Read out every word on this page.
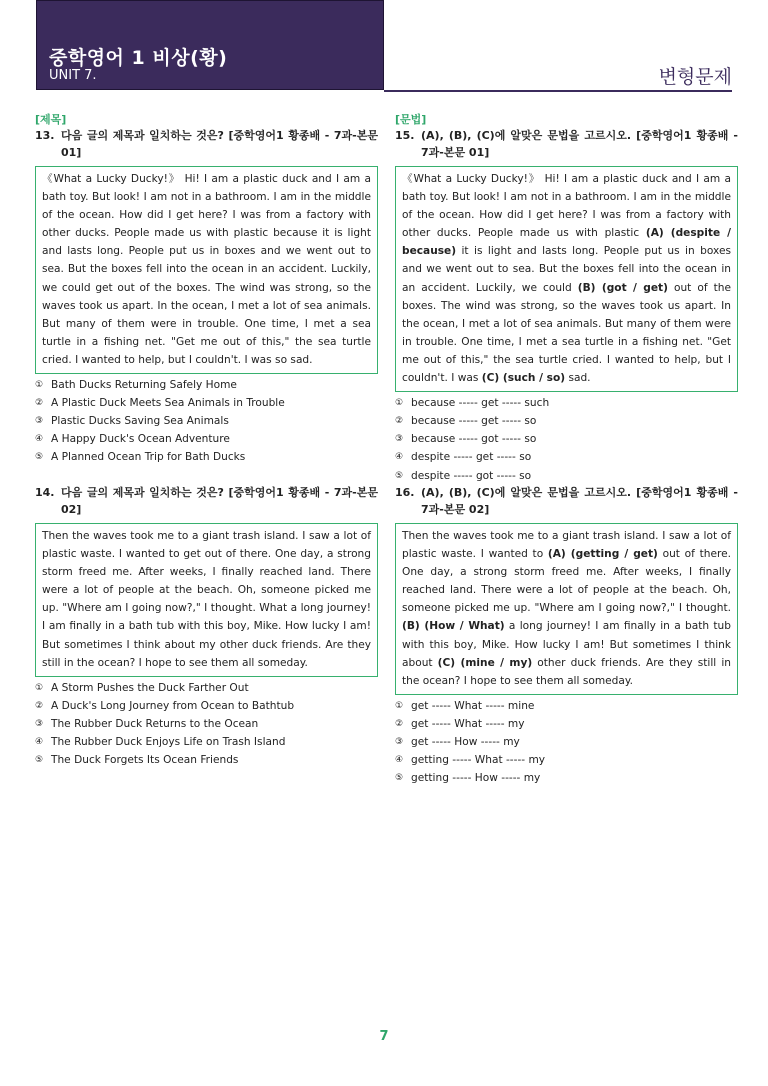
중학영어 1 비상(황)
UNIT 7.	변형문제
[제목]
13. 다음 글의 제목과 일치하는 것은? [중학영어1 황종배 - 7과-본문 01]
《What a Lucky Ducky!》 Hi! I am a plastic duck and I am a bath toy. But look! I am not in a bathroom. I am in the middle of the ocean. How did I get here? I was from a factory with other ducks. People made us with plastic because it is light and lasts long. People put us in boxes and we went out to sea. But the boxes fell into the ocean in an accident. Luckily, we could get out of the boxes. The wind was strong, so the waves took us apart. In the ocean, I met a lot of sea animals. But many of them were in trouble. One time, I met a sea turtle in a fishing net. "Get me out of this," the sea turtle cried. I wanted to help, but I couldn't. I was so sad.
① Bath Ducks Returning Safely Home
② A Plastic Duck Meets Sea Animals in Trouble
③ Plastic Ducks Saving Sea Animals
④ A Happy Duck's Ocean Adventure
⑤ A Planned Ocean Trip for Bath Ducks
14. 다음 글의 제목과 일치하는 것은? [중학영어1 황종배 - 7과-본문 02]
Then the waves took me to a giant trash island. I saw a lot of plastic waste. I wanted to get out of there. One day, a strong storm freed me. After weeks, I finally reached land. There were a lot of people at the beach. Oh, someone picked me up. "Where am I going now?," I thought. What a long journey! I am finally in a bath tub with this boy, Mike. How lucky I am! But sometimes I think about my other duck friends. Are they still in the ocean? I hope to see them all someday.
① A Storm Pushes the Duck Farther Out
② A Duck's Long Journey from Ocean to Bathtub
③ The Rubber Duck Returns to the Ocean
④ The Rubber Duck Enjoys Life on Trash Island
⑤ The Duck Forgets Its Ocean Friends
[문법]
15. (A), (B), (C)에 알맞은 문법을 고르시오. [중학영어1 황종배 - 7과-본문 01]
《What a Lucky Ducky!》 Hi! I am a plastic duck and I am a bath toy. But look! I am not in a bathroom. I am in the middle of the ocean. How did I get here? I was from a factory with other ducks. People made us with plastic (A) (despite / because) it is light and lasts long. People put us in boxes and we went out to sea. But the boxes fell into the ocean in an accident. Luckily, we could (B) (got / get) out of the boxes. The wind was strong, so the waves took us apart. In the ocean, I met a lot of sea animals. But many of them were in trouble. One time, I met a sea turtle in a fishing net. "Get me out of this," the sea turtle cried. I wanted to help, but I couldn't. I was (C) (such / so) sad.
① because ----- get ----- such
② because ----- get ----- so
③ because ----- got ----- so
④ despite ----- get ----- so
⑤ despite ----- got ----- so
16. (A), (B), (C)에 알맞은 문법을 고르시오. [중학영어1 황종배 - 7과-본문 02]
Then the waves took me to a giant trash island. I saw a lot of plastic waste. I wanted to (A) (getting / get) out of there. One day, a strong storm freed me. After weeks, I finally reached land. There were a lot of people at the beach. Oh, someone picked me up. "Where am I going now?," I thought. (B) (How / What) a long journey! I am finally in a bath tub with this boy, Mike. How lucky I am! But sometimes I think about (C) (mine / my) other duck friends. Are they still in the ocean? I hope to see them all someday.
① get ----- What ----- mine
② get ----- What ----- my
③ get ----- How ----- my
④ getting ----- What ----- my
⑤ getting ----- How ----- my
7
